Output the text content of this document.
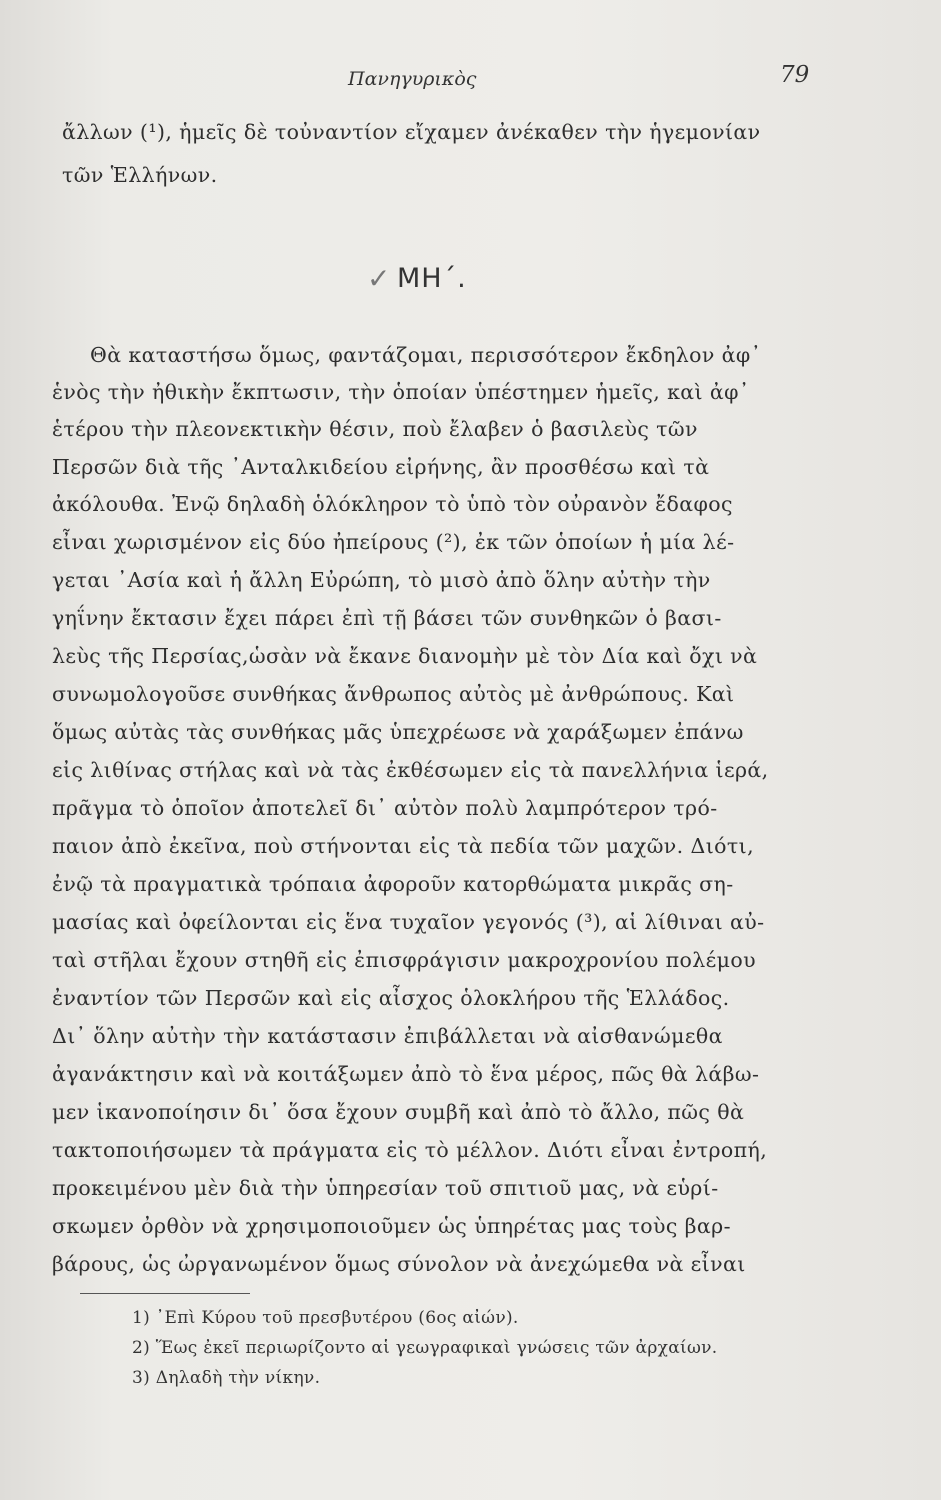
Πανηγυρικὸς	79
ἄλλων (¹), ἡμεῖς δὲ τοὐναντίον εἴχαμεν ἀνέκαθεν τὴν ἡγεμονίαν
τῶν Ἑλλήνων.
✓ ΜΗ΄.
Θὰ καταστήσω ὅμως, φαντάζομαι, περισσότερον ἔκδηλον ἀφ᾽
ἑνὸς τὴν ἠθικὴν ἔκπτωσιν, τὴν ὁποίαν ὑπέστημεν ἡμεῖς, καὶ ἀφ᾽
ἑτέρου τὴν πλεονεκτικὴν θέσιν, ποὺ ἔλαβεν ὁ βασιλεὺς τῶν
Περσῶν διὰ τῆς ᾽Ανταλκιδείου εἰρήνης, ἂν προσθέσω καὶ τὰ
ἀκόλουθα. Ἐνῷ δηλαδὴ ὁλόκληρον τὸ ὑπὸ τὸν οὐρανὸν ἔδαφος
εἶναι χωρισμένον εἰς δύο ἠπείρους (²), ἐκ τῶν ὁποίων ἡ μία λέ-
γεται ᾽Ασία καὶ ἡ ἄλλη Εὐρώπη, τὸ μισὸ ἀπὸ ὅλην αὐτὴν τὴν
γηΐνην ἔκτασιν ἔχει πάρει ἐπὶ τῇ βάσει τῶν συνθηκῶν ὁ βασι-
λεὺς τῆς Περσίας,ὡσὰν νὰ ἔκανε διανομὴν μὲ τὸν Δία καὶ ὄχι νὰ
συνωμολογοῦσε συνθήκας ἄνθρωπος αὐτὸς μὲ ἀνθρώπους. Καὶ
ὅμως αὐτὰς τὰς συνθήκας μᾶς ὑπεχρέωσε νὰ χαράξωμεν ἐπάνω
εἰς λιθίνας στήλας καὶ νὰ τὰς ἐκθέσωμεν εἰς τὰ πανελλήνια ἱερά,
πρᾶγμα τὸ ὁποῖον ἀποτελεῖ δι᾽ αὐτὸν πολὺ λαμπρότερον τρό-
παιον ἀπὸ ἐκεῖνα, ποὺ στήνονται εἰς τὰ πεδία τῶν μαχῶν. Διότι,
ἐνῷ τὰ πραγματικὰ τρόπαια ἀφοροῦν κατορθώματα μικρᾶς ση-
μασίας καὶ ὀφείλονται εἰς ἕνα τυχαῖον γεγονός (³), αἱ λίθιναι αὐ-
ταὶ στῆλαι ἔχουν στηθῆ εἰς ἐπισφράγισιν μακροχρονίου πολέμου
ἐναντίον τῶν Περσῶν καὶ εἰς αἶσχος ὁλοκλήρου τῆς Ἑλλάδος.
Δι᾽ ὅλην αὐτὴν τὴν κατάστασιν ἐπιβάλλεται νὰ αἰσθανώμεθα
ἀγανάκτησιν καὶ νὰ κοιτάξωμεν ἀπὸ τὸ ἕνα μέρος, πῶς θὰ λάβω-
μεν ἱκανοποίησιν δι᾽ ὅσα ἔχουν συμβῆ καὶ ἀπὸ τὸ ἄλλο, πῶς θὰ
τακτοποιήσωμεν τὰ πράγματα εἰς τὸ μέλλον. Διότι εἶναι ἐντροπή,
προκειμένου μὲν διὰ τὴν ὑπηρεσίαν τοῦ σπιτιοῦ μας, νὰ εὑρί-
σκωμεν ὀρθὸν νὰ χρησιμοποιοῦμεν ὡς ὑπηρέτας μας τοὺς βαρ-
βάρους, ὡς ὠργανωμένον ὅμως σύνολον νὰ ἀνεχώμεθα νὰ εἶναι
1) ᾽Επὶ Κύρου τοῦ πρεσβυτέρου (6ος αἰών).
2) Ἕως ἐκεῖ περιωρίζοντο αἱ γεωγραφικαὶ γνώσεις τῶν ἀρχαίων.
3) Δηλαδὴ τὴν νίκην.
